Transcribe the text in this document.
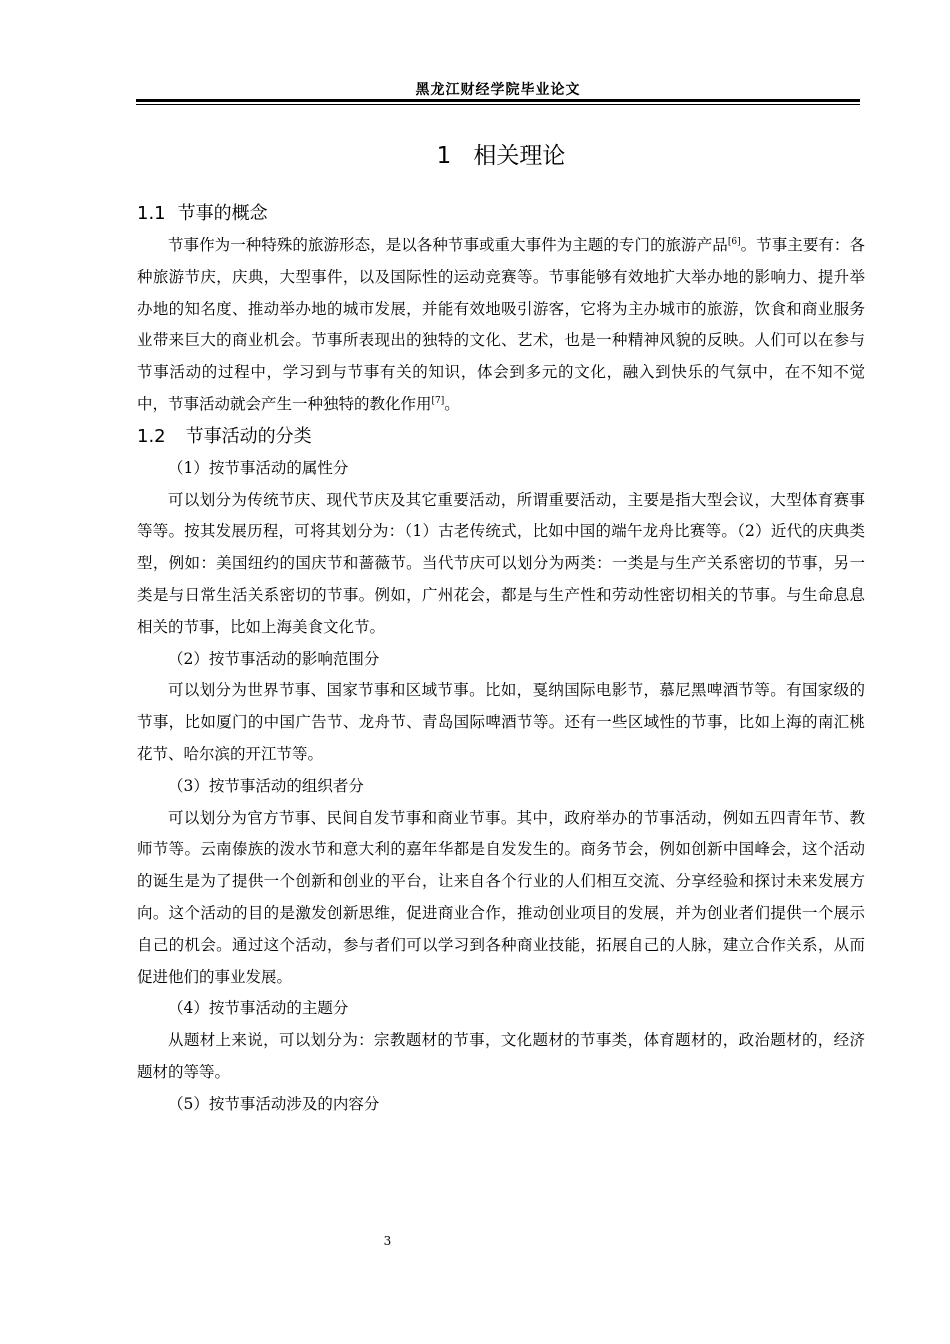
黑龙江财经学院毕业论文
1 相关理论
1.1 节事的概念

节事作为一种特殊的旅游形态，是以各种节事或重大事件为主题的专门的旅游产品[6]。节事主要有：各种旅游节庆，庆典，大型事件，以及国际性的运动竞赛等。节事能够有效地扩大举办地的影响力、提升举办地的知名度、推动举办地的城市发展，并能有效地吸引游客，它将为主办城市的旅游，饮食和商业服务业带来巨大的商业机会。节事所表现出的独特的文化、艺术，也是一种精神风貌的反映。人们可以在参与节事活动的过程中，学习到与节事有关的知识，体会到多元的文化，融入到快乐的气氛中，在不知不觉中，节事活动就会产生一种独特的教化作用[7]。

1.2 节事活动的分类

（1）按节事活动的属性分

可以划分为传统节庆、现代节庆及其它重要活动，所谓重要活动，主要是指大型会议，大型体育赛事等等。按其发展历程，可将其划分为：（1）古老传统式，比如中国的端午龙舟比赛等。（2）近代的庆典类型，例如：美国纽约的国庆节和蔷薇节。当代节庆可以划分为两类：一类是与生产关系密切的节事，另一类是与日常生活关系密切的节事。例如，广州花会，都是与生产性和劳动性密切相关的节事。与生命息息相关的节事，比如上海美食文化节。

（2）按节事活动的影响范围分

可以划分为世界节事、国家节事和区域节事。比如，戛纳国际电影节，慕尼黑啤酒节等。有国家级的节事，比如厦门的中国广告节、龙舟节、青岛国际啤酒节等。还有一些区域性的节事，比如上海的南汇桃花节、哈尔滨的开江节等。

（3）按节事活动的组织者分

可以划分为官方节事、民间自发节事和商业节事。其中，政府举办的节事活动，例如五四青年节、教师节等。云南傣族的泼水节和意大利的嘉年华都是自发发生的。商务节会，例如创新中国峰会，这个活动的诞生是为了提供一个创新和创业的平台，让来自各个行业的人们相互交流、分享经验和探讨未来发展方向。这个活动的目的是激发创新思维，促进商业合作，推动创业项目的发展，并为创业者们提供一个展示自己的机会。通过这个活动，参与者们可以学习到各种商业技能，拓展自己的人脉，建立合作关系，从而促进他们的事业发展。

（4）按节事活动的主题分

从题材上来说，可以划分为：宗教题材的节事，文化题材的节事类，体育题材的，政治题材的，经济题材的等等。

（5）按节事活动涉及的内容分

3
